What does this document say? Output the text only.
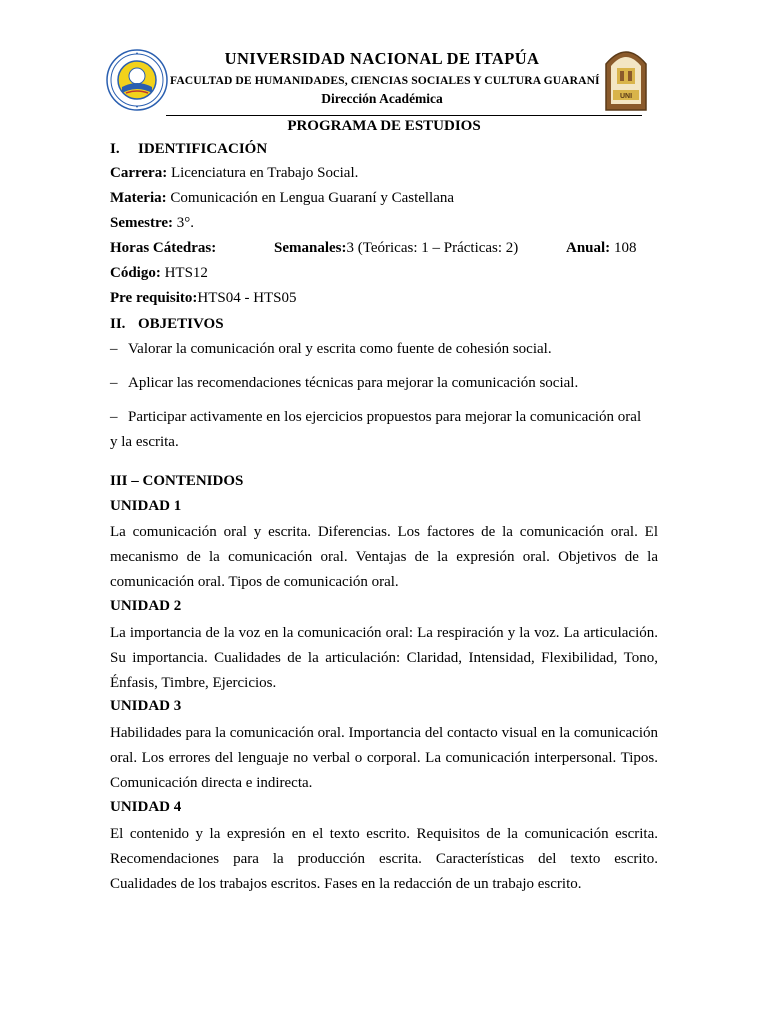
UNIVERSIDAD NACIONAL DE ITAPÚA
FACULTAD DE HUMANIDADES, CIENCIAS SOCIALES Y CULTURA GUARANÍ
Dirección Académica	UNI
PROGRAMA DE ESTUDIOS
I. IDENTIFICACIÓN
Carrera: Licenciatura en Trabajo Social.
Materia: Comunicación en Lengua Guaraní y Castellana
Semestre: 3°.
Horas Cátedras:	Semanales:3 (Teóricas: 1 – Prácticas: 2)	Anual: 108
Código: HTS12
Pre requisito:HTS04 - HTS05
II. OBJETIVOS
– Valorar la comunicación oral y escrita como fuente de cohesión social.
– Aplicar las recomendaciones técnicas para mejorar la comunicación social.
– Participar activamente en los ejercicios propuestos para mejorar la comunicación oral
y la escrita.
III – CONTENIDOS
UNIDAD 1
La comunicación oral y escrita. Diferencias. Los factores de la comunicación oral. El
mecanismo de la comunicación oral. Ventajas de la expresión oral. Objetivos de la
comunicación oral. Tipos de comunicación oral.
UNIDAD 2
La importancia de la voz en la comunicación oral: La respiración y la voz. La articulación.
Su importancia. Cualidades de la articulación: Claridad, Intensidad, Flexibilidad, Tono,
Énfasis, Timbre, Ejercicios.
UNIDAD 3
Habilidades para la comunicación oral. Importancia del contacto visual en la comunicación
oral. Los errores del lenguaje no verbal o corporal. La comunicación interpersonal. Tipos.
Comunicación directa e indirecta.
UNIDAD 4
El contenido y la expresión en el texto escrito. Requisitos de la comunicación escrita.
Recomendaciones para la producción escrita. Características del texto escrito.
Cualidades de los trabajos escritos. Fases en la redacción de un trabajo escrito.
